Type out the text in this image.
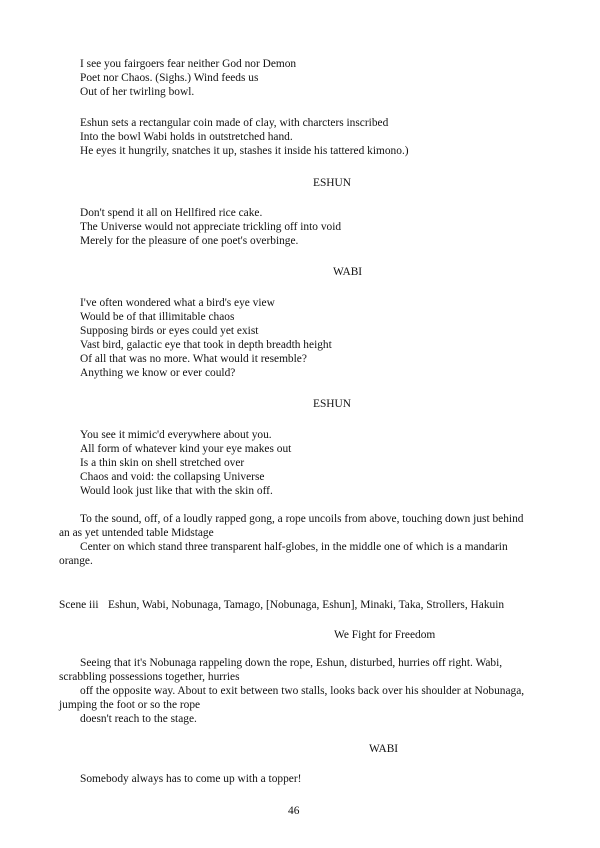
I see you fairgoers fear neither God nor Demon
Poet nor Chaos. (Sighs.) Wind feeds us
Out of her twirling bowl.
Eshun sets a rectangular coin made of clay, with charcters inscribed
Into the bowl Wabi holds in outstretched hand.
He eyes it hungrily, snatches it up, stashes it inside his tattered kimono.)
ESHUN
Don't spend it all on Hellfired rice cake.
The Universe would not appreciate trickling off into void
Merely for the pleasure of one poet's overbinge.
WABI
I've often wondered what a bird's eye view
Would be of that illimitable chaos
Supposing birds or eyes could yet exist
Vast bird, galactic eye that took in depth breadth height
Of all that was no more. What would it resemble?
Anything we know or ever could?
ESHUN
You see it mimic'd everywhere about you.
All form of whatever kind your eye makes out
Is a thin skin on shell stretched over
Chaos and void: the collapsing Universe
Would look just like that with the skin off.
To the sound, off, of a loudly rapped gong, a rope uncoils from above, touching down just behind
an as yet untended table Midstage
Center on which stand three transparent half-globes, in the middle one of which is a mandarin
orange.
Scene iii Eshun, Wabi, Nobunaga, Tamago, [Nobunaga, Eshun], Minaki, Taka, Strollers, Hakuin
We Fight for Freedom
Seeing that it's Nobunaga rappeling down the rope, Eshun, disturbed, hurries off right. Wabi,
scrabbling possessions together, hurries
off the opposite way. About to exit between two stalls, looks back over his shoulder at Nobunaga,
jumping the foot or so the rope
doesn't reach to the stage.
WABI
Somebody always has to come up with a topper!
46
